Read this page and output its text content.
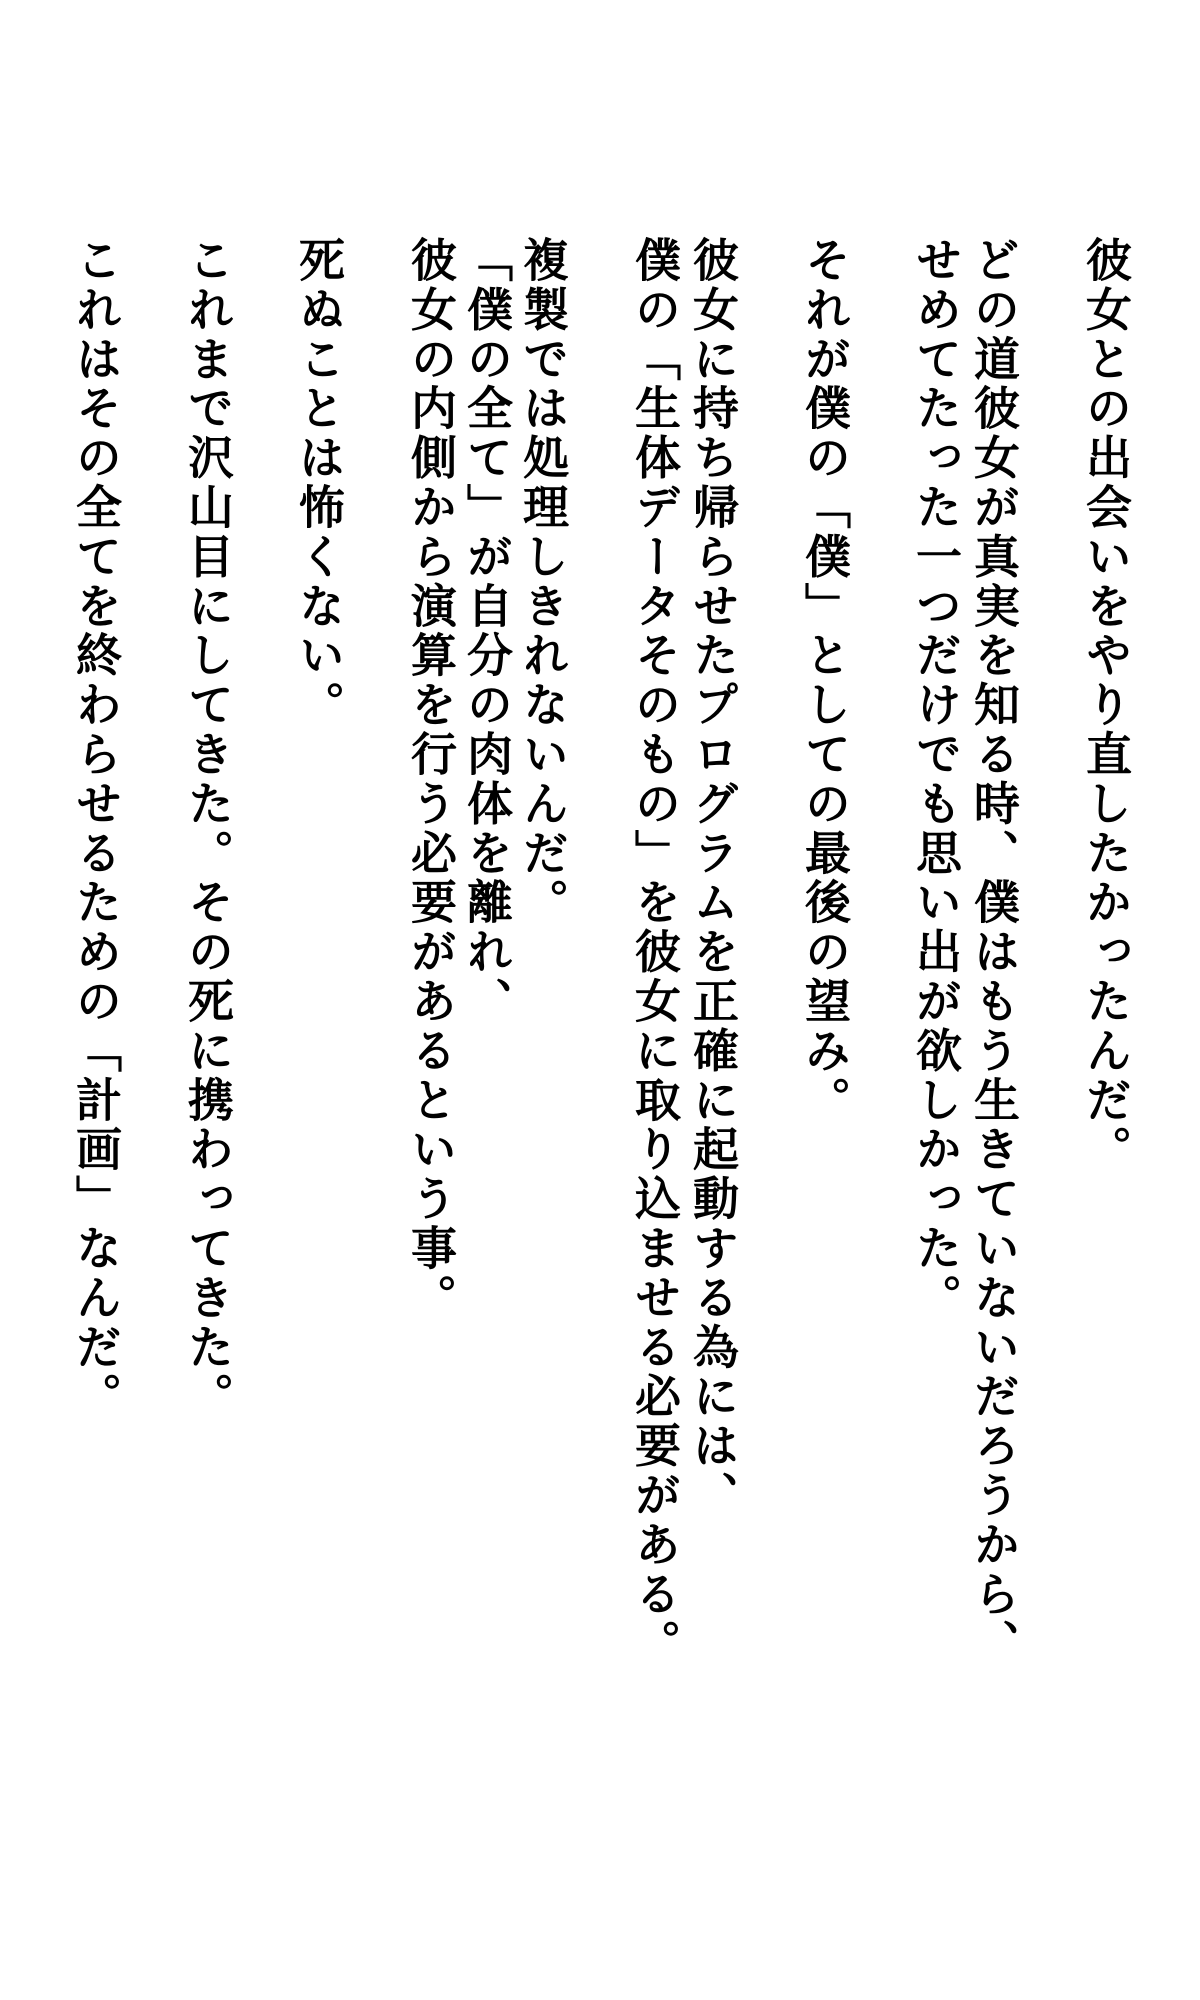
彼女との出会いをやり直したかったんだ。

どの道彼女が真実を知る時、僕はもう生きていないだろうから、

せめてたった一つだけでも思い出が欲しかった。

それが僕の「僕」としての最後の望み。

彼女に持ち帰らせたプログラムを正確に起動する為には、

僕の「生体データそのもの」を彼女に取り込ませる必要がある。

複製では処理しきれないんだ。

「僕の全て」が自分の肉体を離れ、

彼女の内側から演算を行う必要があるという事。

死ぬことは怖くない。

これまで沢山目にしてきた。その死に携わってきた。

これはその全てを終わらせるための「計画」なんだ。
